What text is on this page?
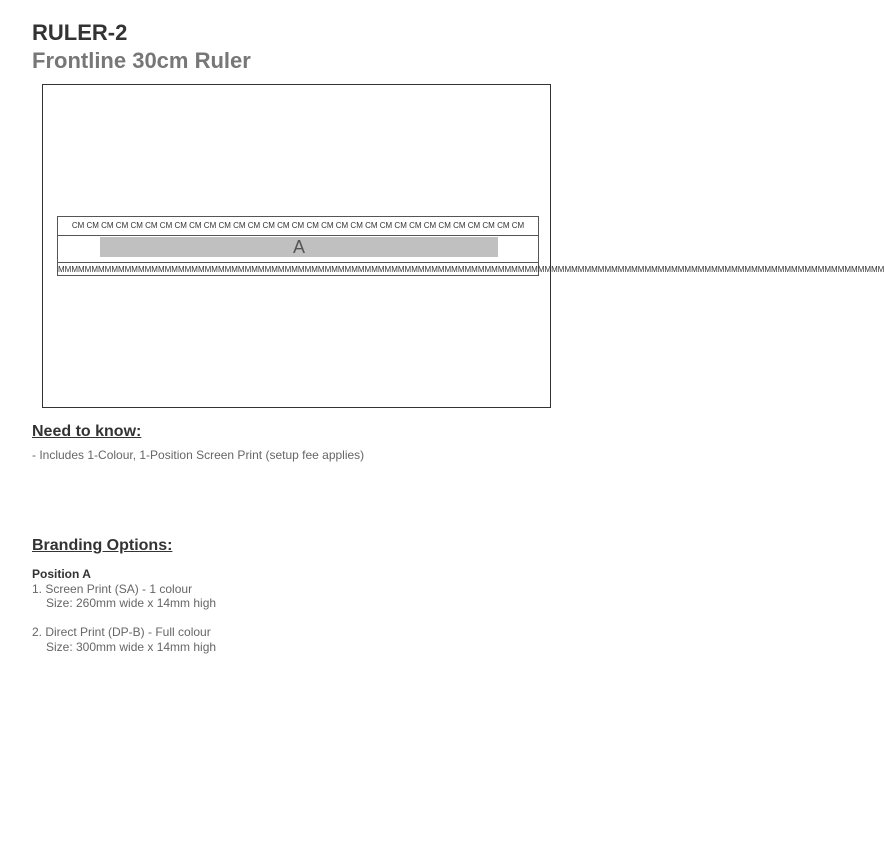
RULER-2
Frontline 30cm Ruler
CM CM CM CM CM CM CM CM CM CM CM CM CM CM CM CM CM CM CM CM CM CM CM CM CM CM CM CM CM CM CM
A
MMMMMMMMMMMMMMMMMMMMMMMMMMMMMMMMMMMMMMMMMMMMMMMMMMMMMMMMMMMMMMMMMMMMMMMMMMMMMMMMMMMMMMMMMMMMMMMMMMMMMMMMMMMMMMMMMMMMMMMMMMMM
Need to know:

- Includes 1-Colour, 1-Position Screen Print (setup fee applies)

Branding Options:

Position A

1. Screen Print (SA) - 1 colour

Size: 260mm wide x 14mm high

2. Direct Print (DP-B) - Full colour

Size: 300mm wide x 14mm high
